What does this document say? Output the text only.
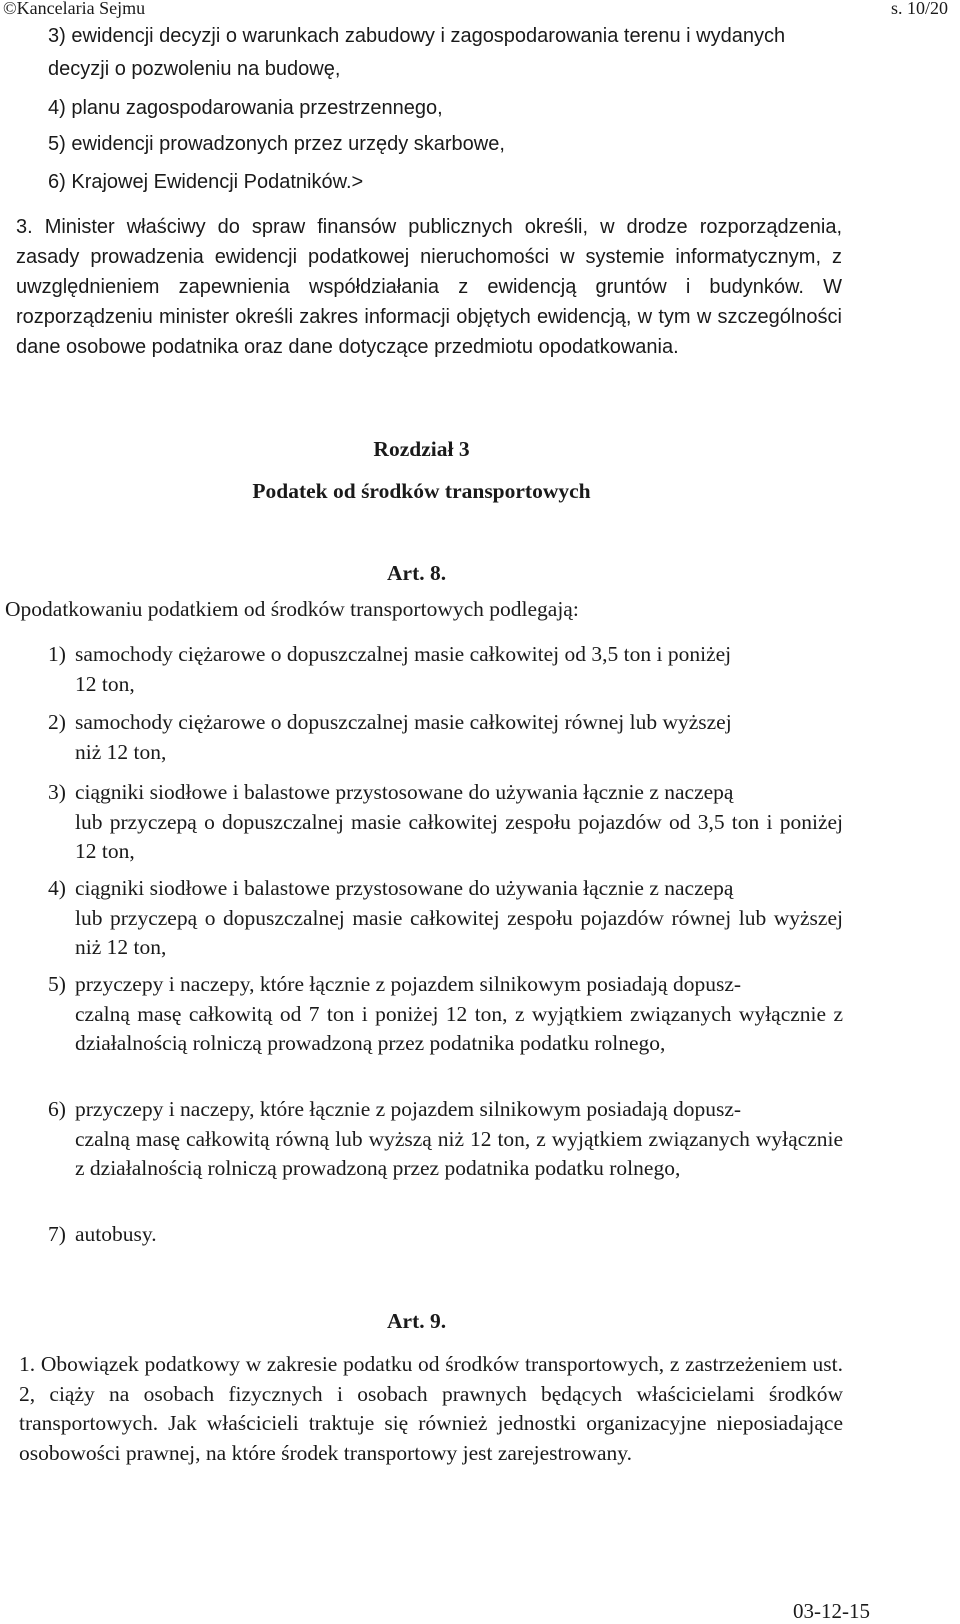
©Kancelaria Sejmu	s. 10/20

3) ewidencji decyzji o warunkach zabudowy i zagospodarowania terenu i wydanych decyzji o pozwoleniu na budowę,

4) planu zagospodarowania przestrzennego,

5) ewidencji prowadzonych przez urzędy skarbowe,

6) Krajowej Ewidencji Podatników.>

3. Minister właściwy do spraw finansów publicznych określi, w drodze rozporządzenia, zasady prowadzenia ewidencji podatkowej nieruchomości w systemie informatycznym, z uwzględnieniem zapewnienia współdziałania z ewidencją gruntów i budynków. W rozporządzeniu minister określi zakres informacji objętych ewidencją, w tym w szczególności dane osobowe podatnika oraz dane dotyczące przedmiotu opodatkowania.

Rozdział 3
Podatek od środków transportowych
Art. 8.
Opodatkowaniu podatkiem od środków transportowych podlegają:

1) samochody ciężarowe o dopuszczalnej masie całkowitej od 3,5 ton i poniżej
12 ton,

2) samochody ciężarowe o dopuszczalnej masie całkowitej równej lub wyższej
niż 12 ton,

3) ciągniki siodłowe i balastowe przystosowane do używania łącznie z naczepą
lub przyczepą o dopuszczalnej masie całkowitej zespołu pojazdów od 3,5 ton i poniżej 12 ton,

4) ciągniki siodłowe i balastowe przystosowane do używania łącznie z naczepą
lub przyczepą o dopuszczalnej masie całkowitej zespołu pojazdów równej lub wyższej niż 12 ton,

5) przyczepy i naczepy, które łącznie z pojazdem silnikowym posiadają dopusz-
czalną masę całkowitą od 7 ton i poniżej 12 ton, z wyjątkiem związanych wyłącznie z działalnością rolniczą prowadzoną przez podatnika podatku rolnego,

6) przyczepy i naczepy, które łącznie z pojazdem silnikowym posiadają dopusz-
czalną masę całkowitą równą lub wyższą niż 12 ton, z wyjątkiem związanych wyłącznie z działalnością rolniczą prowadzoną przez podatnika podatku rolnego,

7) autobusy.

Art. 9.

1. Obowiązek podatkowy w zakresie podatku od środków transportowych, z zastrzeżeniem ust. 2, ciąży na osobach fizycznych i osobach prawnych będących właścicielami środków transportowych. Jak właścicieli traktuje się również jednostki organizacyjne nieposiadające osobowości prawnej, na które środek transportowy jest zarejestrowany.

03-12-15
